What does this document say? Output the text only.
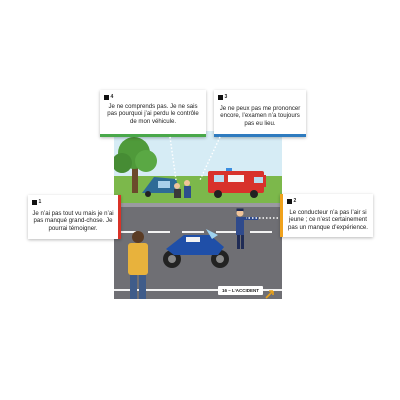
16 – L’ACCIDENT
4
Je ne comprends pas. Je ne sais pas pourquoi j’ai perdu le contrôle de mon véhicule.
3
Je ne peux pas me prononcer encore, l’examen n’a toujours pas eu lieu.
1
Je n’ai pas tout vu mais je n’ai pas manqué grand-chose. Je pourrai témoigner.
2
Le conducteur n’a pas l’air si jeune ; ce n’est certainement pas un manque d’expérience.
